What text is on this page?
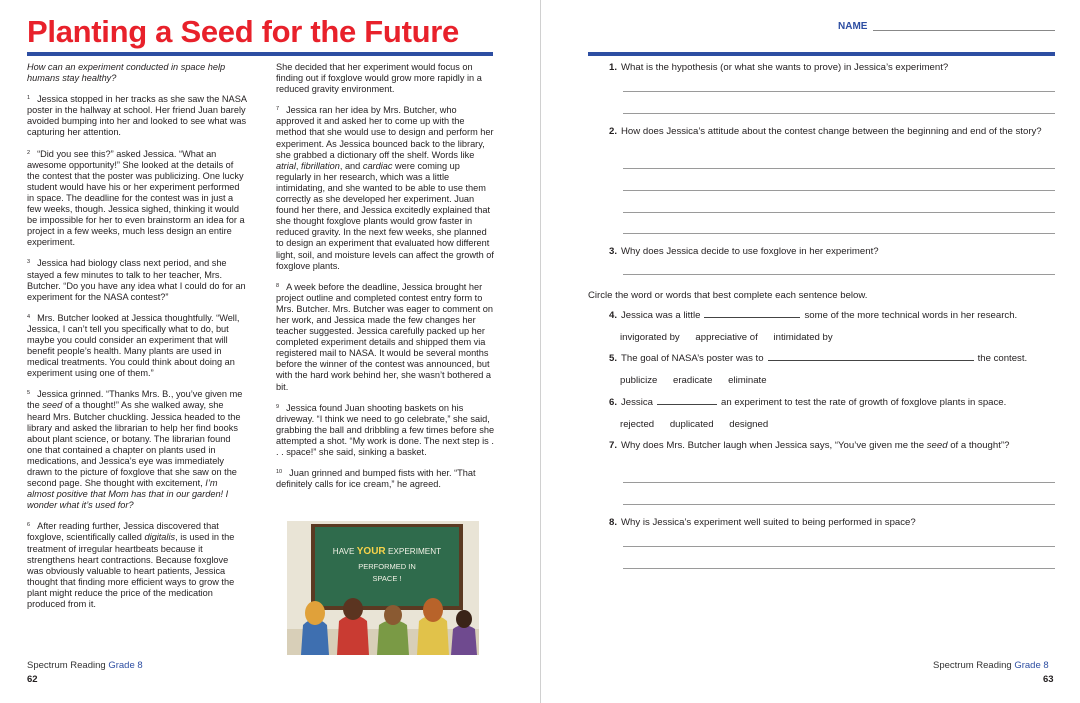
Planting a Seed for the Future

How can an experiment conducted in space help humans stay healthy?

$^1$ Jessica stopped in her tracks as she saw the NASA poster in the hallway at school. Her friend Juan barely avoided bumping into her and looked to see what was capturing her attention.

$^2$ “Did you see this?” asked Jessica. “What an awesome opportunity!” She looked at the details of the contest that the poster was publicizing. One lucky student would have his or her experiment performed in space. The deadline for the contest was in just a few weeks, though. Jessica sighed, thinking it would be impossible for her to even brainstorm an idea for a project in a few weeks, much less design an entire experiment.

$^3$ Jessica had biology class next period, and she stayed a few minutes to talk to her teacher, Mrs. Butcher. “Do you have any idea what I could do for an experiment for the NASA contest?”

$^4$ Mrs. Butcher looked at Jessica thoughtfully. “Well, Jessica, I can’t tell you specifically what to do, but maybe you could consider an experiment that will benefit people’s health. Many plants are used in medical treatments. You could think about doing an experiment using one of them.”

$^5$ Jessica grinned. “Thanks Mrs. B., you’ve given me the seed of a thought!” As she walked away, she heard Mrs. Butcher chuckling. Jessica headed to the library and asked the librarian to help her find books about plant science, or botany. The librarian found one that contained a chapter on plants used in medications, and Jessica’s eye was immediately drawn to the picture of foxglove that she saw on the second page. She thought with excitement, I’m almost positive that Mom has that in our garden! I wonder what it’s used for?

$^6$ After reading further, Jessica discovered that foxglove, scientifically called digitalis, is used in the treatment of irregular heartbeats because it strengthens heart contractions. Because foxglove was obviously valuable to heart patients, Jessica thought that finding more efficient ways to grow the plant might reduce the price of the medication produced from it.

She decided that her experiment would focus on finding out if foxglove would grow more rapidly in a reduced gravity environment.

$^7$ Jessica ran her idea by Mrs. Butcher, who approved it and asked her to come up with the method that she would use to design and perform her experiment. As Jessica bounced back to the library, she grabbed a dictionary off the shelf. Words like atrial, fibrillation, and cardiac were coming up regularly in her research, which was a little intimidating, and she wanted to be able to use them correctly as she developed her experiment. Juan found her there, and Jessica excitedly explained that she thought foxglove plants would grow faster in reduced gravity. In the next few weeks, she planned to design an experiment that evaluated how different light, soil, and moisture levels can affect the growth of foxglove plants.

$^8$ A week before the deadline, Jessica brought her project outline and completed contest entry form to Mrs. Butcher. Mrs. Butcher was eager to comment on her work, and Jessica made the few changes her teacher suggested. Jessica carefully packed up her completed experiment details and shipped them via registered mail to NASA. It would be several months before the winner of the contest was announced, but with the hard work behind her, she wasn’t bothered a bit.

$^9$ Jessica found Juan shooting baskets on his driveway. “I think we need to go celebrate,” she said, grabbing the ball and dribbling a few times before she attempted a shot. “My work is done. The next step is . . . space!” she said, sinking a basket.

$^{10}$ Juan grinned and bumped fists with her. “That definitely calls for ice cream,” he agreed.

HAVE YOUR EXPERIMENT
PERFORMED IN
SPACE !
Spectrum Reading Grade 8
62
NAME
1. What is the hypothesis (or what she wants to prove) in Jessica’s experiment?
2. How does Jessica’s attitude about the contest change between the beginning and end of the story?
3. Why does Jessica decide to use foxglove in her experiment?
Circle the word or words that best complete each sentence below.
4. Jessica was a little	some of the more technical words in her research.
invigorated by appreciative of intimidated by
5. The goal of NASA’s poster was to	the contest.
publicize eradicate eliminate
6. Jessica	an experiment to test the rate of growth of foxglove plants in space.
rejected duplicated designed
7. Why does Mrs. Butcher laugh when Jessica says, “You’ve given me the seed of a thought”?
8. Why is Jessica’s experiment well suited to being performed in space?
Spectrum Reading Grade 8
63
